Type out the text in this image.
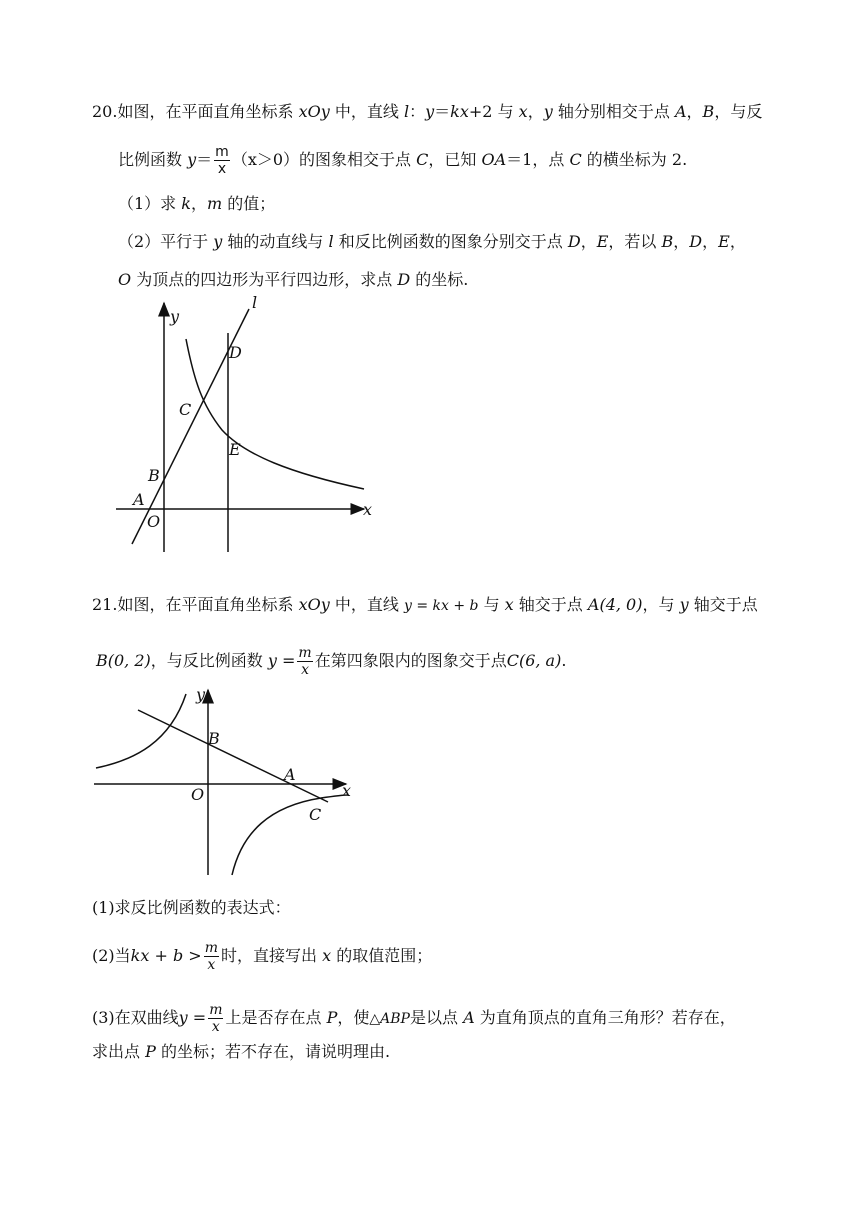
20.如图，在平面直角坐标系 xOy 中，直线 l：y＝kx+2 与 x，y 轴分别相交于点 A，B，与反
比例函数 $y= \frac{m}{x} (x>0)$的图象相交于点 C，已知 OA＝1，点 C 的横坐标为 2.
（1）求 k，m 的值；
（2）平行于 y 轴的动直线与 l 和反比例函数的图象分别交于点 D，E，若以 B，D，E，
O 为顶点的四边形为平行四边形，求点 D 的坐标.
y
l
D
C
E
B
A
O
x
21.如图，在平面直角坐标系 xOy 中，直线 y = kx + b 与 x 轴交于点 A(4, 0)，与 y 轴交于点
B(0, 2)，与反比例函数 $y = \frac{m}{x}$ 在第四象限内的图象交于点C(6, a).
y
B
A
O	x
C
(1)求反比例函数的表达式：
(2)当kx + $b > \frac{m}{x}$ 时，直接写出 x 的取值范围；
(3)在双曲线$y = \frac{m}{x}$ 上是否存在点 P，使△ABP是以点 A 为直角顶点的直角三角形？若存在，
求出点 P 的坐标；若不存在，请说明理由.
